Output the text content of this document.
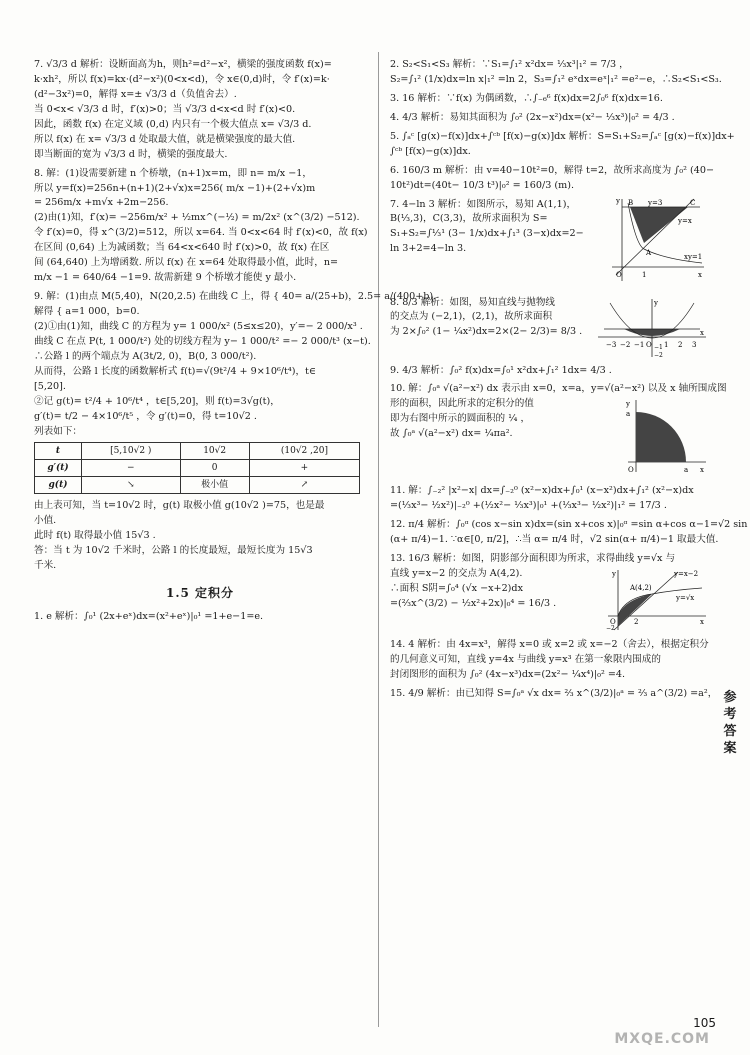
7. √3/3 d 解析：设断面高为h，则h²=d²−x²，横梁的强度函数 f(x)=
k·xh²，所以 f(x)=kx·(d²−x²)(0<x<d)，令 x∈(0,d)时，令 f′(x)=k·
(d²−3x²)=0，解得 x=± √3/3 d（负值舍去）.
当 0<x< √3/3 d 时，f′(x)>0；当 √3/3 d<x<d 时 f′(x)<0.
因此，函数 f(x) 在定义域 (0,d) 内只有一个极大值点 x= √3/3 d.
所以 f(x) 在 x= √3/3 d 处取最大值，就是横梁强度的最大值.
即当断面的宽为 √3/3 d 时，横梁的强度最大.
8. 解：(1)设需要新建 n 个桥墩，(n+1)x=m，即 n= m/x −1，
所以 y=f(x)=256n+(n+1)(2+√x)x=256( m/x −1)+(2+√x)m
= 256m/x +m√x +2m−256.
(2)由(1)知，f′(x)= −256m/x² + ½mx^(−½) = m/2x² (x^(3/2) −512).
令 f′(x)=0，得 x^(3/2)=512，所以 x=64. 当 0<x<64 时 f′(x)<0，故 f(x)
在区间 (0,64) 上为减函数；当 64<x<640 时 f′(x)>0，故 f(x) 在区
间 (64,640) 上为增函数. 所以 f(x) 在 x=64 处取得最小值，此时，n=
m/x −1 = 640/64 −1=9. 故需新建 9 个桥墩才能使 y 最小.
9. 解：(1)由点 M(5,40)，N(20,2.5) 在曲线 C 上，得 { 40= a/(25+b)，2.5= a/(400+b).
解得 { a=1 000，b=0.
(2)①由(1)知，曲线 C 的方程为 y= 1 000/x² (5≤x≤20)，y′=− 2 000/x³ .
曲线 C 在点 P(t, 1 000/t²) 处的切线方程为 y− 1 000/t² =− 2 000/t³ (x−t).
∴公路 l 的两个端点为 A(3t/2, 0)，B(0, 3 000/t²).
从而得，公路 l 长度的函数解析式 f(t)=√(9t²/4 + 9×10⁶/t⁴)，t∈
[5,20].
②记 g(t)= t²/4 + 10⁶/t⁴ ，t∈[5,20]，则 f(t)=3√g(t)，
g′(t)= t/2 − 4×10⁶/t⁵ ，令 g′(t)=0，得 t=10√2 .
列表如下：
t	[5,10√2 )	10√2	(10√2 ,20]
g′(t)	−	0	+
g(t)	↘	极小值	↗
由上表可知，当 t=10√2 时，g(t) 取极小值 g(10√2 )=75，也是最
小值.
此时 f(t) 取得最小值 15√3 .
答：当 t 为 10√2 千米时，公路 l 的长度最短，最短长度为 15√3
千米.
1.5 定积分
1. e 解析：∫₀¹ (2x+eˣ)dx=(x²+eˣ)|₀¹ =1+e−1=e.
2. S₂<S₁<S₃ 解析：∵S₁=∫₁² x²dx= ⅓x³|₁² = 7/3 ，
S₂=∫₁² (1/x)dx=ln x|₁² =ln 2，S₃=∫₁² eˣdx=eˣ|₁² =e²−e，∴S₂<S₁<S₃.
3. 16 解析：∵f(x) 为偶函数，∴∫₋₆⁶ f(x)dx=2∫₀⁶ f(x)dx=16.
4. 4/3 解析：易知其面积为 ∫₀² (2x−x²)dx=(x²− ⅓x³)|₀² = 4/3 .
5. ∫ₐᶜ [g(x)−f(x)]dx+∫ᶜᵇ [f(x)−g(x)]dx 解析：S=S₁+S₂=∫ₐᶜ [g(x)−f(x)]dx+
∫ᶜᵇ [f(x)−g(x)]dx.
6. 160/3 m 解析：由 v=40−10t²=0，解得 t=2，故所求高度为 ∫₀² (40−
10t²)dt=(40t− 10/3 t³)|₀² = 160/3 (m).
y B y=3	C
y=x
A	xy=1
O	1	x
7. 4−ln 3 解析：如图所示，易知 A(1,1)，
B(⅓,3)，C(3,3)，故所求面积为 S=
S₁+S₂=∫⅓¹ (3− 1/x)dx+∫₁³ (3−x)dx=2−
ln 3+2=4−ln 3.
y
−3 −2 −1 O 1 2 3
x
−1
−2
8. 8/3 解析：如图，易知直线与抛物线
的交点为 (−2,1)，(2,1)，故所求面积
为 2×∫₀² (1− ¼x²)dx=2×(2− 2/3)= 8/3 .
9. 4/3 解析：∫₀² f(x)dx=∫₀¹ x²dx+∫₁² 1dx= 4/3 .
10. 解：∫₀ᵃ √(a²−x²) dx 表示由 x=0，x=a，y=√(a²−x²) 以及 x 轴所围成图
y
a
O	a x
形的面积，因此所求的定积分的值
即为右图中所示的圆面积的 ¼ ，
故 ∫₀ᵃ √(a²−x²) dx= ¼πa².
11. 解：∫₋₂² |x²−x| dx=∫₋₂⁰ (x²−x)dx+∫₀¹ (x−x²)dx+∫₁² (x²−x)dx
=(⅓x³− ½x²)|₋₂⁰ +(½x²− ⅓x³)|₀¹ +(⅓x³− ½x²)|₁² = 17/3 .
12. π/4 解析：∫₀ᵅ (cos x−sin x)dx=(sin x+cos x)|₀ᵅ =sin α+cos α−1=√2 sin
(α+ π/4)−1. ∵α∈[0, π/2]，∴当 α= π/4 时，√2 sin(α+ π/4)−1 取最大值.
13. 16/3 解析：如图，阴影部分面积即为所求，求得曲线 y=√x 与
y	y=x−2
A(4,2)
y=√x
O	2	x
−2
直线 y=x−2 的交点为 A(4,2).
∴面积 S阴=∫₀⁴ (√x −x+2)dx
=(⅔x^(3/2) − ½x²+2x)|₀⁴ = 16/3 .
14. 4 解析：由 4x=x³，解得 x=0 或 x=2 或 x=−2（舍去），根据定积分
的几何意义可知，直线 y=4x 与曲线 y=x³ 在第一象限内围成的
封闭图形的面积为 ∫₀² (4x−x³)dx=(2x²− ¼x⁴)|₀² =4.
15. 4/9 解析：由已知得 S=∫₀ᵃ √x dx= ⅔ x^(3/2)|₀ᵃ = ⅔ a^(3/2) =a²， 参
考
答
案
MXQE.COM
105
